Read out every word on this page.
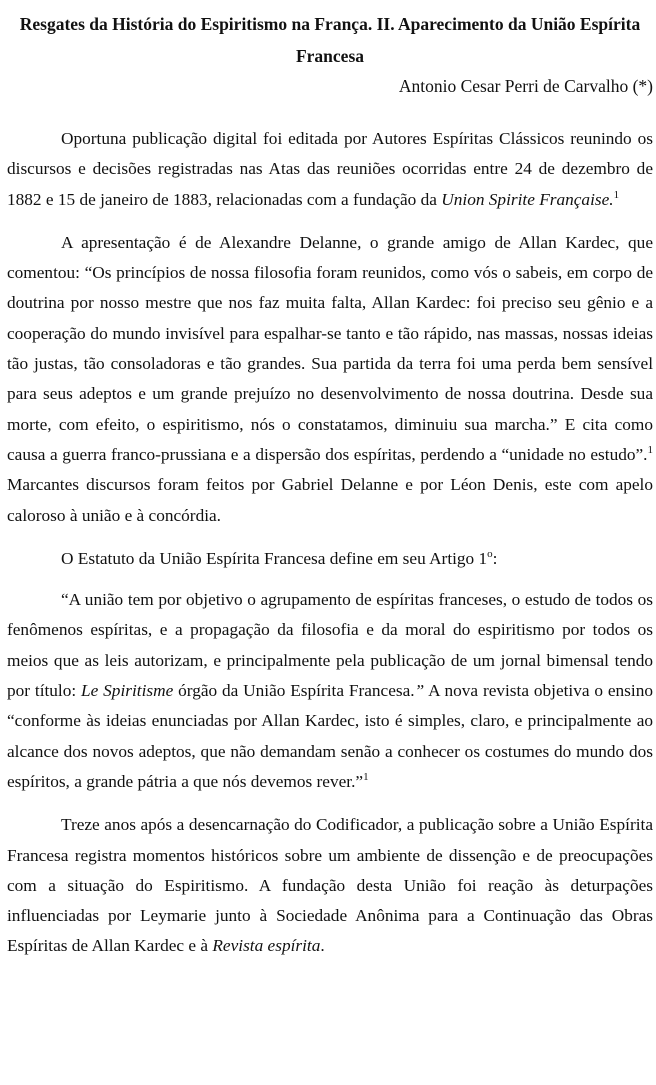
Resgates da História do Espiritismo na França. II. Aparecimento da União Espírita Francesa

Antonio Cesar Perri de Carvalho (*)

Oportuna publicação digital foi editada por Autores Espíritas Clássicos reunindo os discursos e decisões registradas nas Atas das reuniões ocorridas entre 24 de dezembro de 1882 e 15 de janeiro de 1883, relacionadas com a fundação da Union Spirite Française.$^1$

A apresentação é de Alexandre Delanne, o grande amigo de Allan Kardec, que comentou: “Os princípios de nossa filosofia foram reunidos, como vós o sabeis, em corpo de doutrina por nosso mestre que nos faz muita falta, Allan Kardec: foi preciso seu gênio e a cooperação do mundo invisível para espalhar-se tanto e tão rápido, nas massas, nossas ideias tão justas, tão consoladoras e tão grandes. Sua partida da terra foi uma perda bem sensível para seus adeptos e um grande prejuízo no desenvolvimento de nossa doutrina. Desde sua morte, com efeito, o espiritismo, nós o constatamos, diminuiu sua marcha.” E cita como causa a guerra franco-prussiana e a dispersão dos espíritas, perdendo a “unidade no estudo”.$^1$ Marcantes discursos foram feitos por Gabriel Delanne e por Léon Denis, este com apelo caloroso à união e à concórdia.

O Estatuto da União Espírita Francesa define em seu Artigo 1$^o$:

“A união tem por objetivo o agrupamento de espíritas franceses, o estudo de todos os fenômenos espíritas, e a propagação da filosofia e da moral do espiritismo por todos os meios que as leis autorizam, e principalmente pela publicação de um jornal bimensal tendo por título: Le Spiritisme órgão da União Espírita Francesa.” A nova revista objetiva o ensino “conforme às ideias enunciadas por Allan Kardec, isto é simples, claro, e principalmente ao alcance dos novos adeptos, que não demandam senão a conhecer os costumes do mundo dos espíritos, a grande pátria a que nós devemos rever.”$^1$

Treze anos após a desencarnação do Codificador, a publicação sobre a União Espírita Francesa registra momentos históricos sobre um ambiente de dissenção e de preocupações com a situação do Espiritismo. A fundação desta União foi reação às deturpações influenciadas por Leymarie junto à Sociedade Anônima para a Continuação das Obras Espíritas de Allan Kardec e à Revista espírita.
